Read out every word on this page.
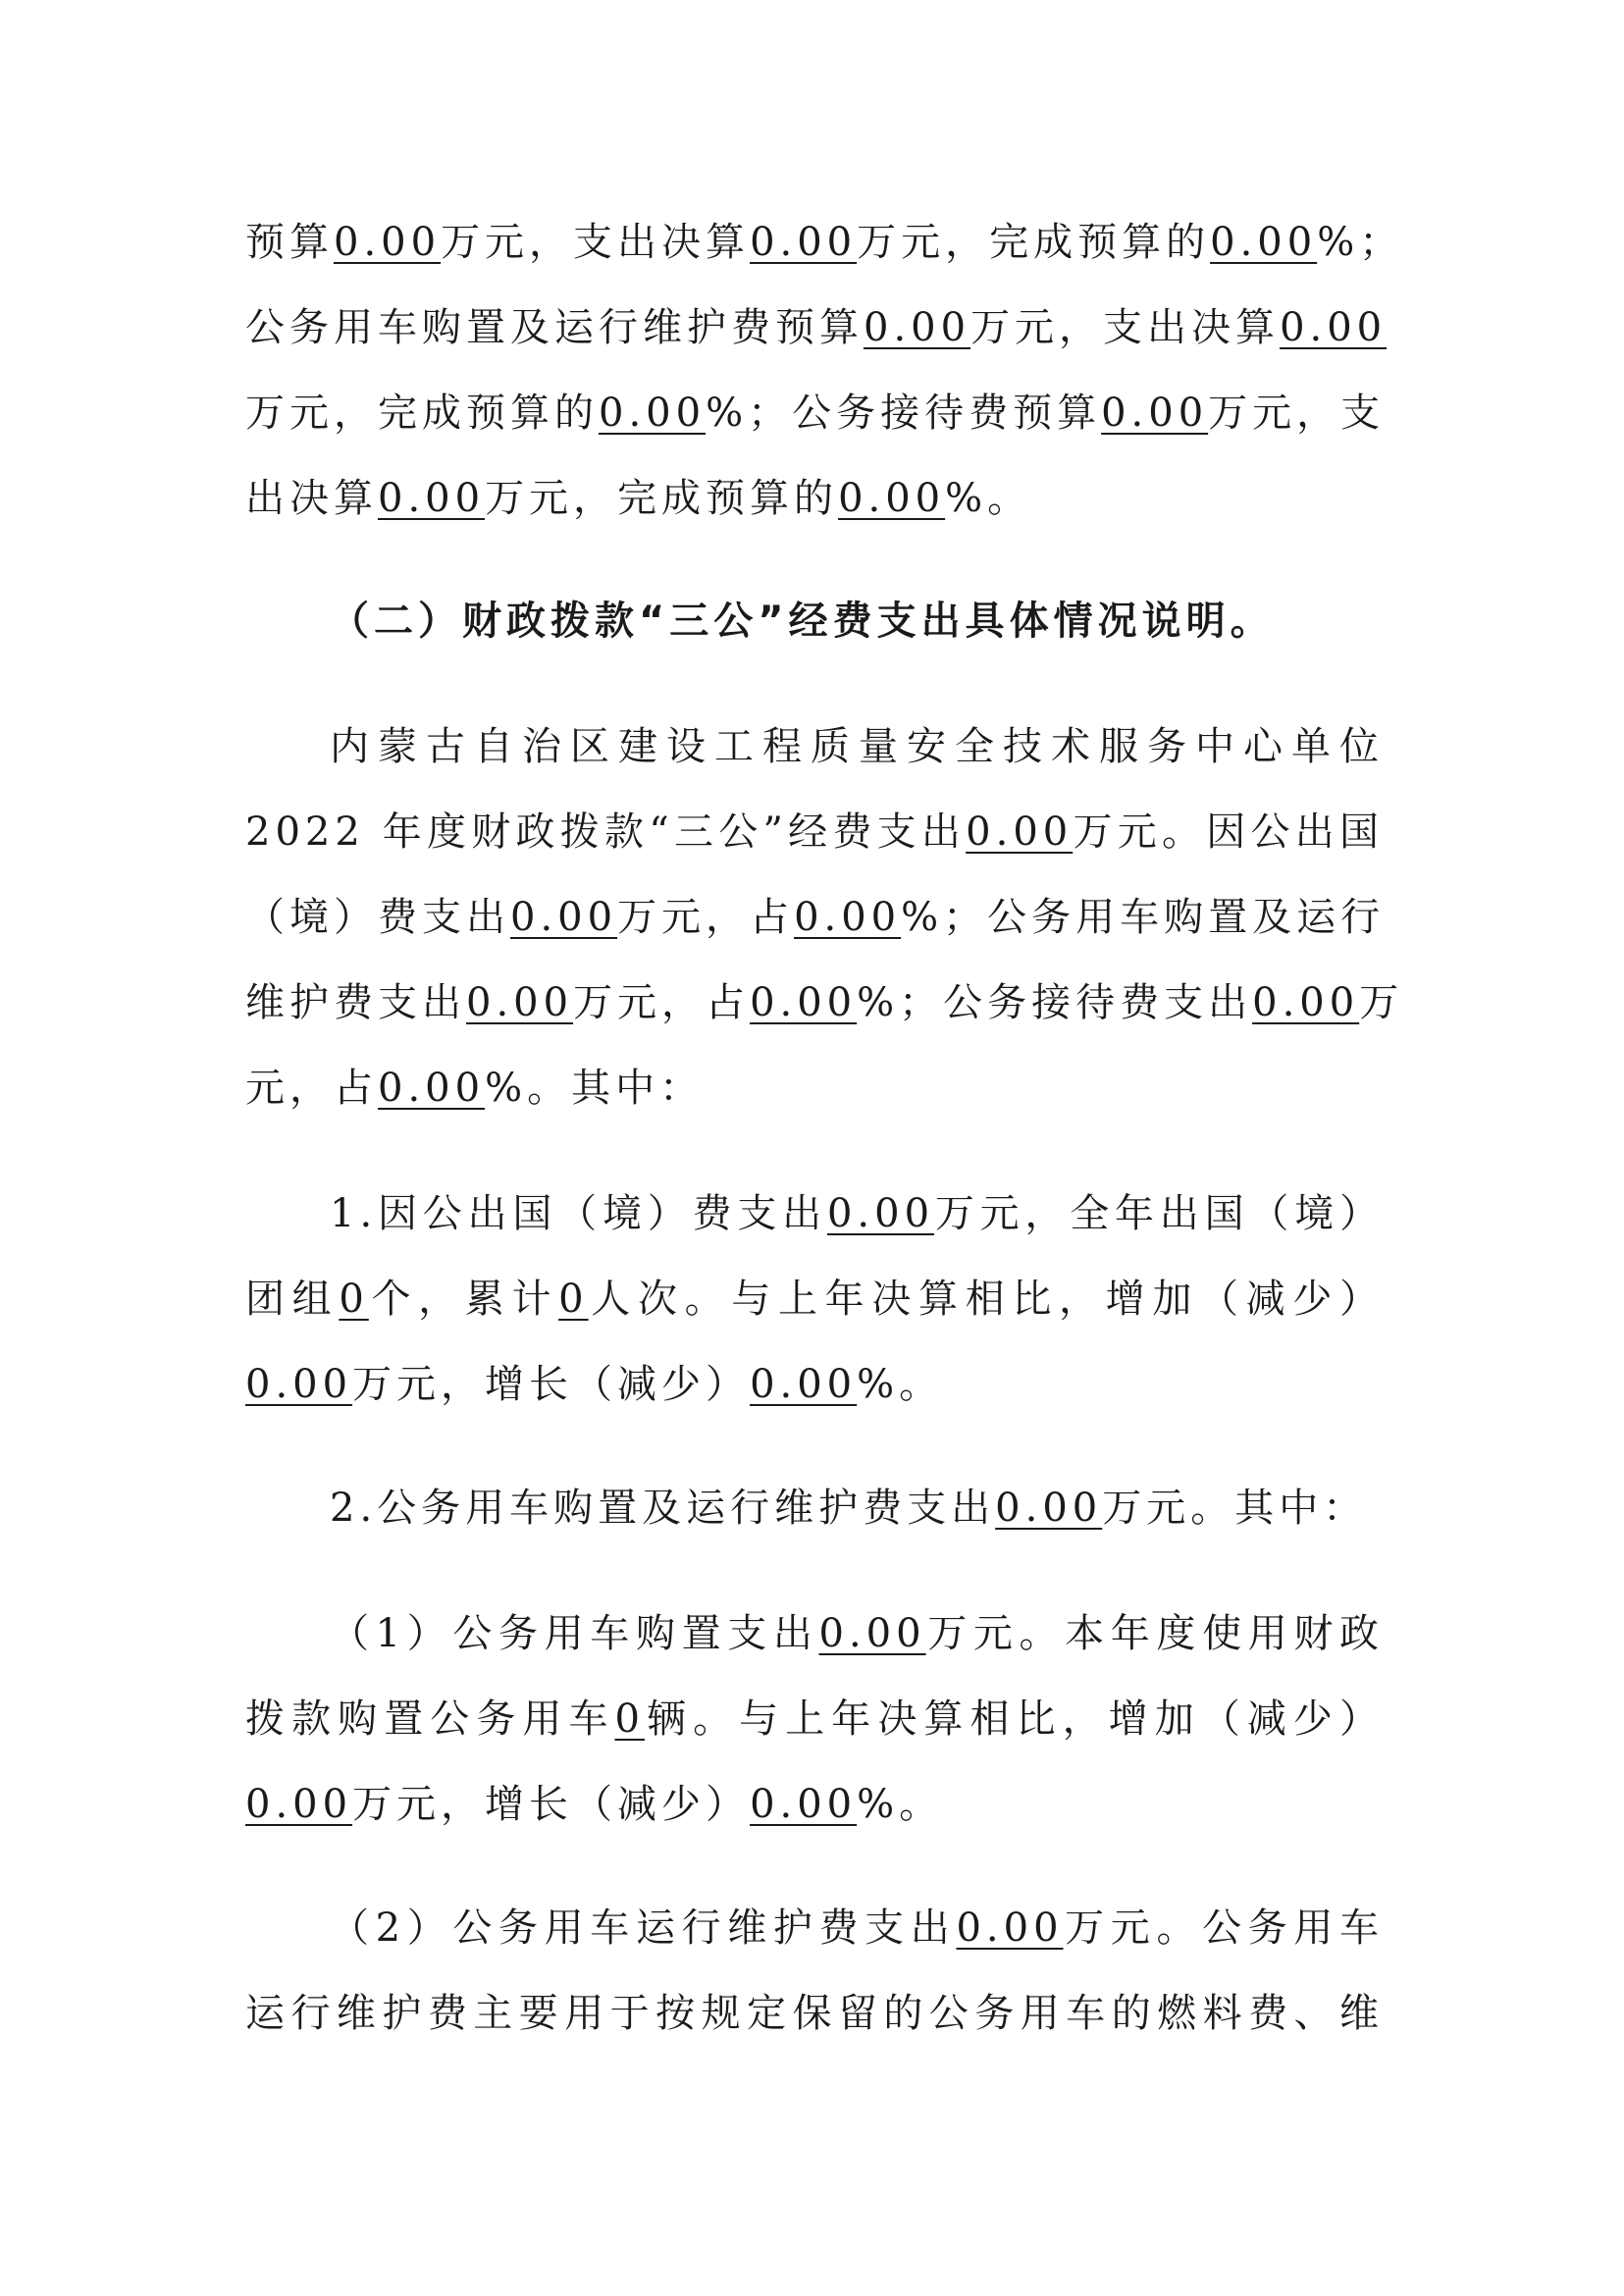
预算0.00万元，支出决算0.00万元，完成预算的0.00%；
公务用车购置及运行维护费预算0.00万元，支出决算0.00
万元，完成预算的0.00%；公务接待费预算0.00万元，支
出决算0.00万元，完成预算的0.00%。
（二）财政拨款“三公”经费支出具体情况说明。
内蒙古自治区建设工程质量安全技术服务中心单位
2022 年度财政拨款“三公”经费支出0.00万元。因公出国
（境）费支出0.00万元，占0.00%；公务用车购置及运行
维护费支出0.00万元，占0.00%；公务接待费支出0.00万
元，占0.00%。其中：
1.因公出国（境）费支出0.00万元，全年出国（境）
团组0个，累计0人次。与上年决算相比，增加（减少）
0.00万元，增长（减少）0.00%。
2.公务用车购置及运行维护费支出0.00万元。其中：
（1）公务用车购置支出0.00万元。本年度使用财政
拨款购置公务用车0辆。与上年决算相比，增加（减少）
0.00万元，增长（减少）0.00%。
（2）公务用车运行维护费支出0.00万元。公务用车
运行维护费主要用于按规定保留的公务用车的燃料费、维
